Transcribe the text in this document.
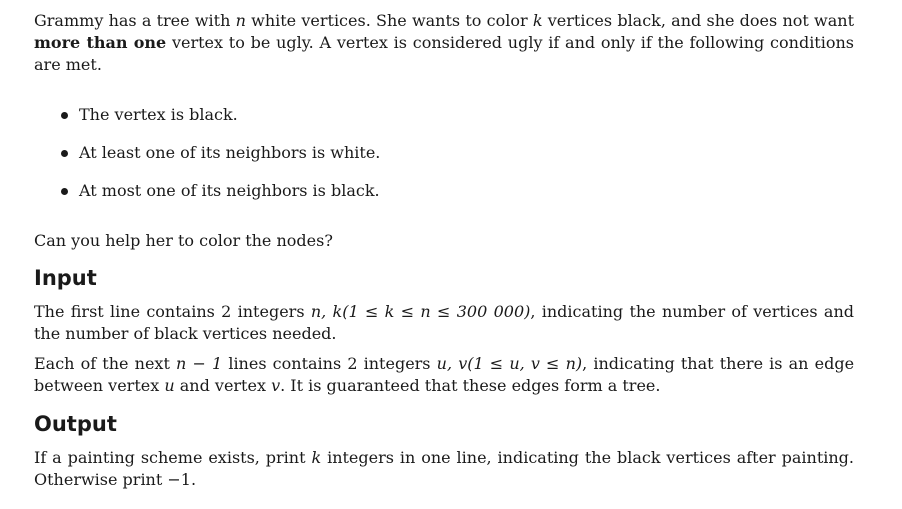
Grammy has a tree with n white vertices. She wants to color k vertices black, and she does not want more than one vertex to be ugly. A vertex is considered ugly if and only if the following conditions are met.

The vertex is black.
At least one of its neighbors is white.
At most one of its neighbors is black.

Can you help her to color the nodes?

Input

The first line contains 2 integers n, k(1 ≤ k ≤ n ≤ 300 000), indicating the number of vertices and the number of black vertices needed.

Each of the next n − 1 lines contains 2 integers u, v(1 ≤ u, v ≤ n), indicating that there is an edge between vertex u and vertex v. It is guaranteed that these edges form a tree.

Output

If a painting scheme exists, print k integers in one line, indicating the black vertices after painting. Otherwise print −1.
